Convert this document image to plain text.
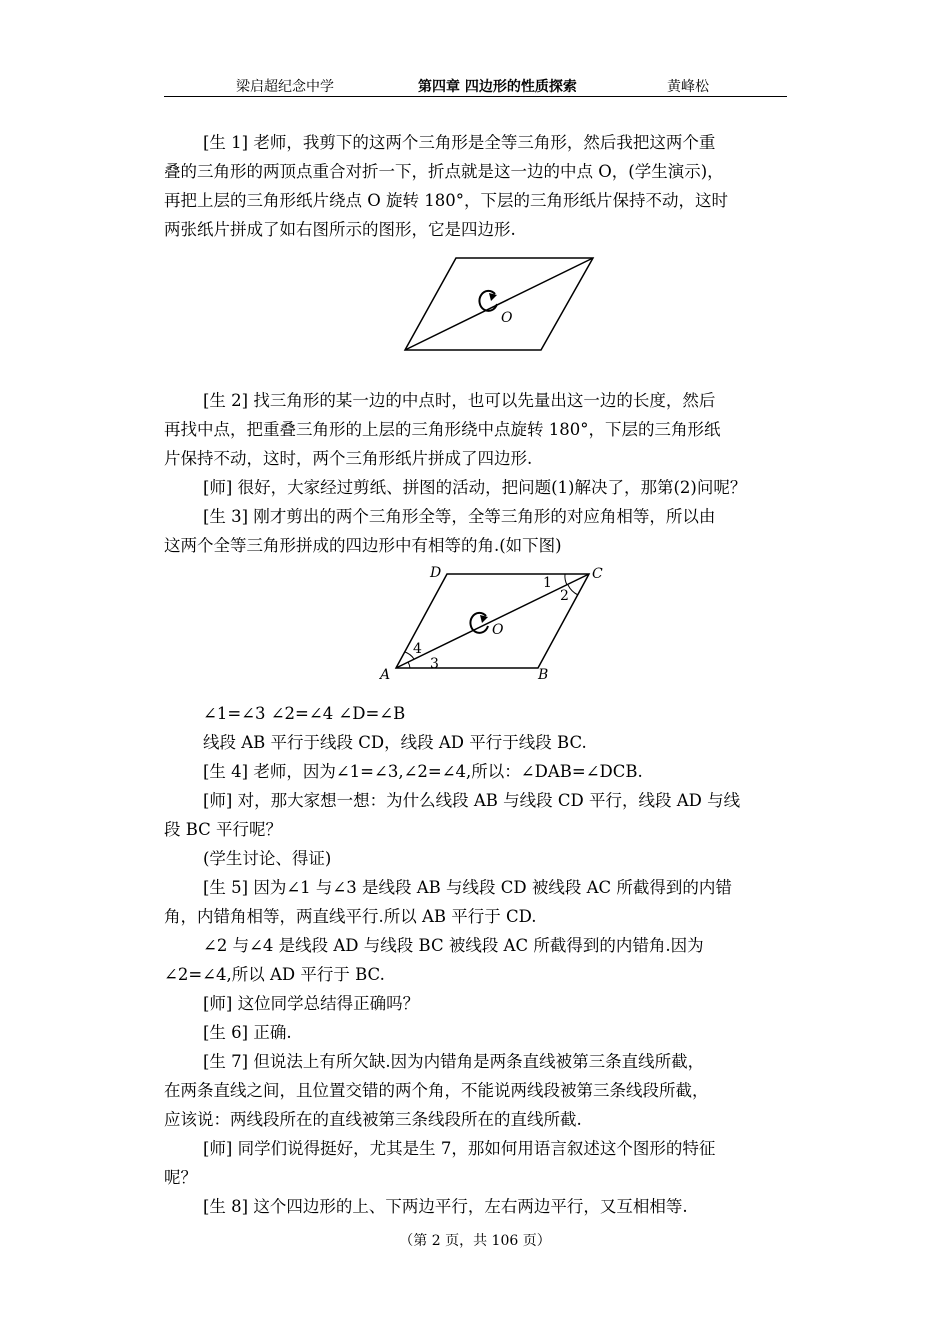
梁启超纪念中学	第四章 四边形的性质探索	黄峰松
[生 1] 老师，我剪下的这两个三角形是全等三角形，然后我把这两个重
叠的三角形的两顶点重合对折一下，折点就是这一边的中点 O，(学生演示)，
再把上层的三角形纸片绕点 O 旋转 180°，下层的三角形纸片保持不动，这时
两张纸片拼成了如右图所示的图形，它是四边形.
O
[生 2] 找三角形的某一边的中点时，也可以先量出这一边的长度，然后
再找中点，把重叠三角形的上层的三角形绕中点旋转 180°，下层的三角形纸
片保持不动，这时，两个三角形纸片拼成了四边形.
[师] 很好，大家经过剪纸、拼图的活动，把问题(1)解决了，那第(2)问呢？
[生 3] 刚才剪出的两个三角形全等，全等三角形的对应角相等，所以由
这两个全等三角形拼成的四边形中有相等的角.(如下图)
D	C
A	B
O
1
2
3
4
∠1=∠3 ∠2=∠4 ∠D=∠B
线段 AB 平行于线段 CD，线段 AD 平行于线段 BC.
[生 4] 老师，因为∠1=∠3,∠2=∠4,所以：∠DAB=∠DCB.
[师] 对，那大家想一想：为什么线段 AB 与线段 CD 平行，线段 AD 与线
段 BC 平行呢？
(学生讨论、得证)
[生 5] 因为∠1 与∠3 是线段 AB 与线段 CD 被线段 AC 所截得到的内错
角，内错角相等，两直线平行.所以 AB 平行于 CD.
∠2 与∠4 是线段 AD 与线段 BC 被线段 AC 所截得到的内错角.因为
∠2=∠4,所以 AD 平行于 BC.
[师] 这位同学总结得正确吗？
[生 6] 正确.
[生 7] 但说法上有所欠缺.因为内错角是两条直线被第三条直线所截，
在两条直线之间，且位置交错的两个角，不能说两线段被第三条线段所截，
应该说：两线段所在的直线被第三条线段所在的直线所截.
[师] 同学们说得挺好，尤其是生 7，那如何用语言叙述这个图形的特征
呢？
[生 8] 这个四边形的上、下两边平行，左右两边平行，又互相相等.
（第 2 页，共 106 页）
